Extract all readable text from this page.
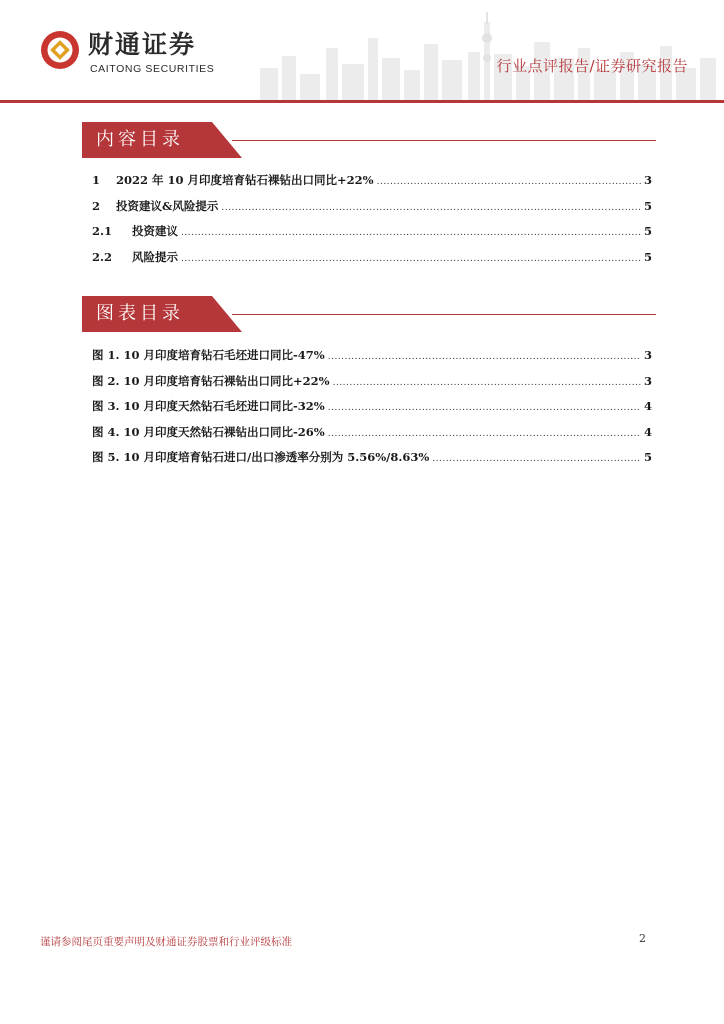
财通证券
CAITONG SECURITIES	行业点评报告/证券研究报告
内容目录
1	2022 年 10 月印度培育钻石裸钻出口同比+22% .....	3
2	投资建议&风险提示 .....	5
2.1	投资建议 .....	5
2.2	风险提示 .....	5
图表目录
图 1. 10 月印度培育钻石毛坯进口同比-47% .....	3
图 2. 10 月印度培育钻石裸钻出口同比+22% .....	3
图 3. 10 月印度天然钻石毛坯进口同比-32% .....	4
图 4. 10 月印度天然钻石裸钻出口同比-26% .....	4
图 5. 10 月印度培育钻石进口/出口渗透率分别为 5.56%/8.63% .....	5
谨请参阅尾页重要声明及财通证券股票和行业评级标准	2
